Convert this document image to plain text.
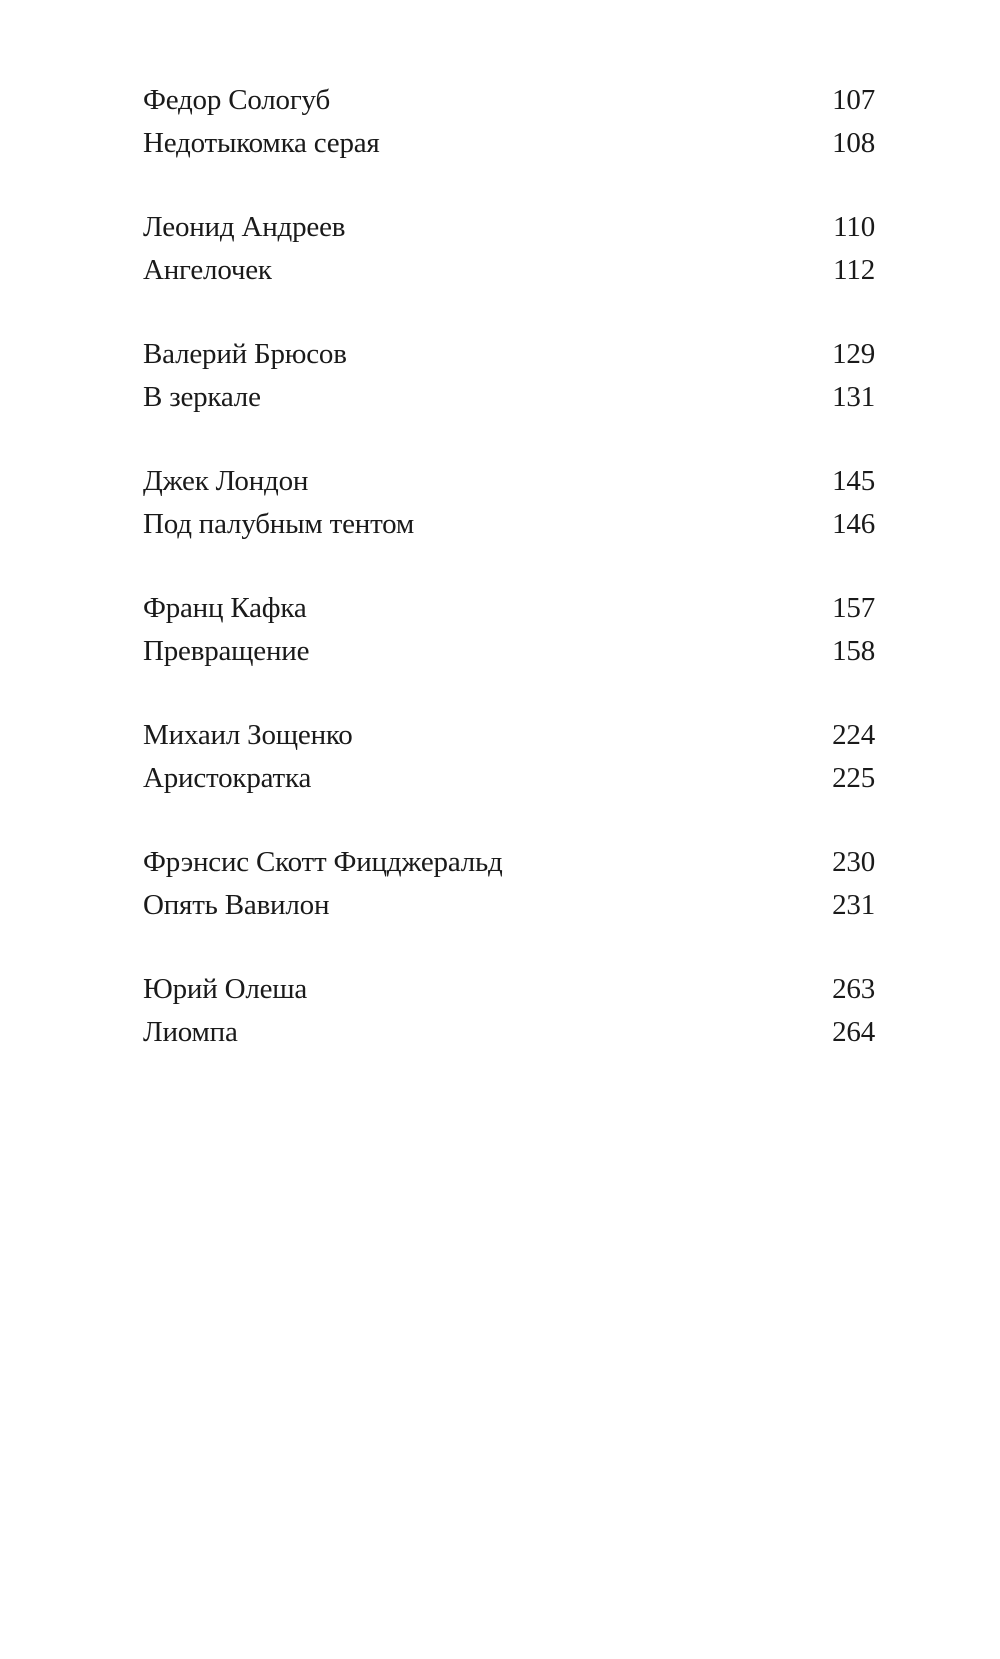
Федор Сологуб	107
Недотыкомка серая	108
Леонид Андреев	110
Ангелочек	112
Валерий Брюсов	129
В зеркале	131
Джек Лондон	145
Под палубным тентом	146
Франц Кафка	157
Превращение	158
Михаил Зощенко	224
Аристократка	225
Фрэнсис Скотт Фицджеральд	230
Опять Вавилон	231
Юрий Олеша	263
Лиомпа	264
